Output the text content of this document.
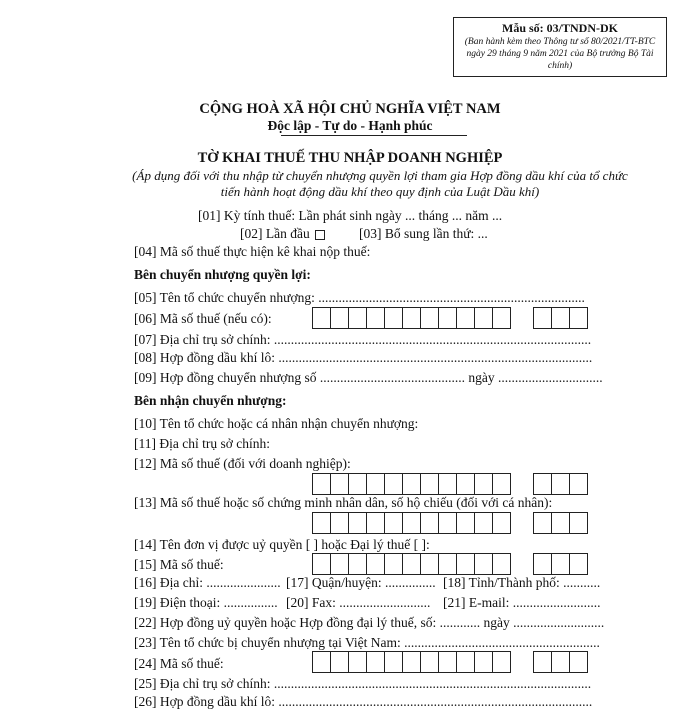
Mẫu số: 03/TNDN-DK
(Ban hành kèm theo Thông tư số 80/2021/TT-BTC ngày 29 tháng 9 năm 2021 của Bộ trưởng Bộ Tài chính)
CỘNG HOÀ XÃ HỘI CHỦ NGHĨA VIỆT NAM
Độc lập - Tự do - Hạnh phúc
TỜ KHAI THUẾ THU NHẬP DOANH NGHIỆP
(Áp dụng đối với thu nhập từ chuyển nhượng quyền lợi tham gia Hợp đồng dầu khí của tổ chức tiến hành hoạt động dầu khí theo quy định của Luật Dầu khí)
[01] Kỳ tính thuế: Lần phát sinh ngày ... tháng ... năm ...
[02] Lần đầu	[03] Bổ sung lần thứ: ...
[04] Mã số thuế thực hiện kê khai nộp thuế:
Bên chuyển nhượng quyền lợi:
[05] Tên tổ chức chuyển nhượng: ...............................................................................
[06] Mã số thuế (nếu có):
[07] Địa chỉ trụ sở chính: ..............................................................................................
[08] Hợp đồng dầu khí lô: .............................................................................................
[09] Hợp đồng chuyển nhượng số ........................................... ngày ...............................
Bên nhận chuyển nhượng:
[10] Tên tổ chức hoặc cá nhân nhận chuyển nhượng:
[11] Địa chỉ trụ sở chính:
[12] Mã số thuế (đối với doanh nghiệp):
[13] Mã số thuế hoặc số chứng minh nhân dân, số hộ chiếu (đối với cá nhân):
[14] Tên đơn vị được uỷ quyền [ ] hoặc Đại lý thuế [ ]:
[15] Mã số thuế:
[16] Địa chỉ: ...................... [17] Quận/huyện: ............... [18] Tỉnh/Thành phố: ...........
[19] Điện thoại: ................ [20] Fax: ........................... [21] E-mail: ..........................
[22] Hợp đồng uỷ quyền hoặc Hợp đồng đại lý thuế, số: ............ ngày ...........................
[23] Tên tổ chức bị chuyển nhượng tại Việt Nam: ..........................................................
[24] Mã số thuế:
[25] Địa chỉ trụ sở chính: ..............................................................................................
[26] Hợp đồng dầu khí lô: .............................................................................................
